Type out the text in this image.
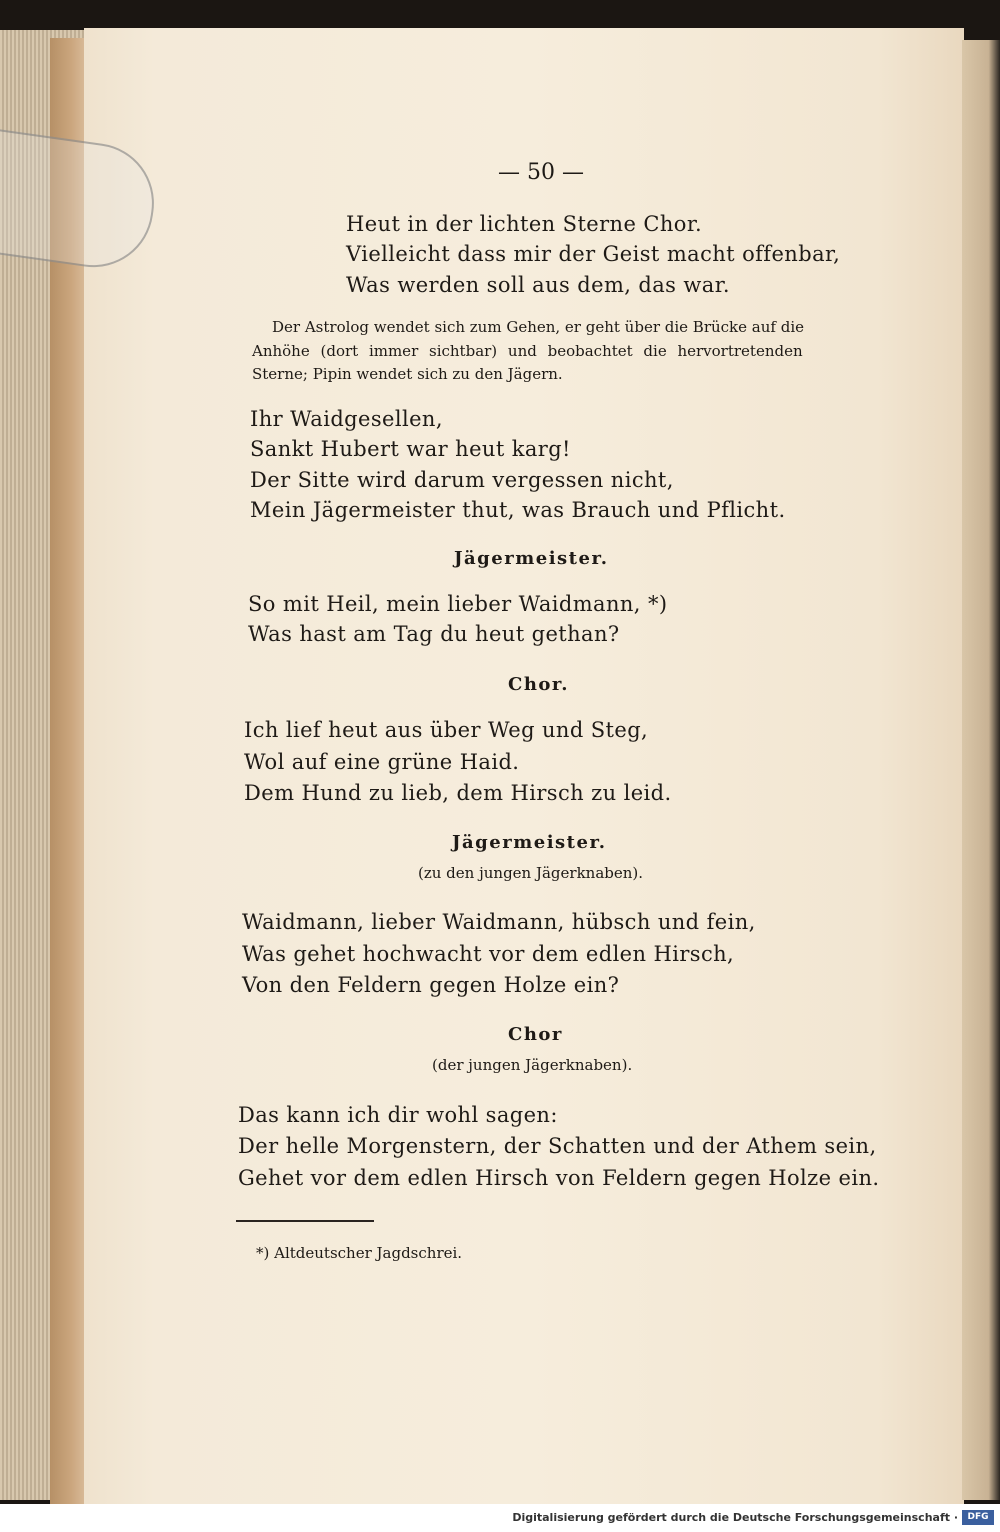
— 50 —

Heut in der lichten Sterne Chor.

Vielleicht dass mir der Geist macht offenbar,

Was werden soll aus dem, das war.

Der Astrolog wendet sich zum Gehen, er geht über die Brücke auf die

Anhöhe (dort immer sichtbar) und beobachtet die hervortretenden

Sterne; Pipin wendet sich zu den Jägern.

Ihr Waidgesellen,

Sankt Hubert war heut karg!

Der Sitte wird darum vergessen nicht,

Mein Jägermeister thut, was Brauch und Pflicht.

Jägermeister.

So mit Heil, mein lieber Waidmann, *)

Was hast am Tag du heut gethan?

Chor.

Ich lief heut aus über Weg und Steg,

Wol auf eine grüne Haid.

Dem Hund zu lieb, dem Hirsch zu leid.

Jägermeister.

(zu den jungen Jägerknaben).

Waidmann, lieber Waidmann, hübsch und fein,

Was gehet hochwacht vor dem edlen Hirsch,

Von den Feldern gegen Holze ein?

Chor

(der jungen Jägerknaben).

Das kann ich dir wohl sagen:

Der helle Morgenstern, der Schatten und der Athem sein,

Gehet vor dem edlen Hirsch von Feldern gegen Holze ein.

*) Altdeutscher Jagdschrei.

Digitalisierung gefördert durch die Deutsche Forschungsgemeinschaft ·	DFG
